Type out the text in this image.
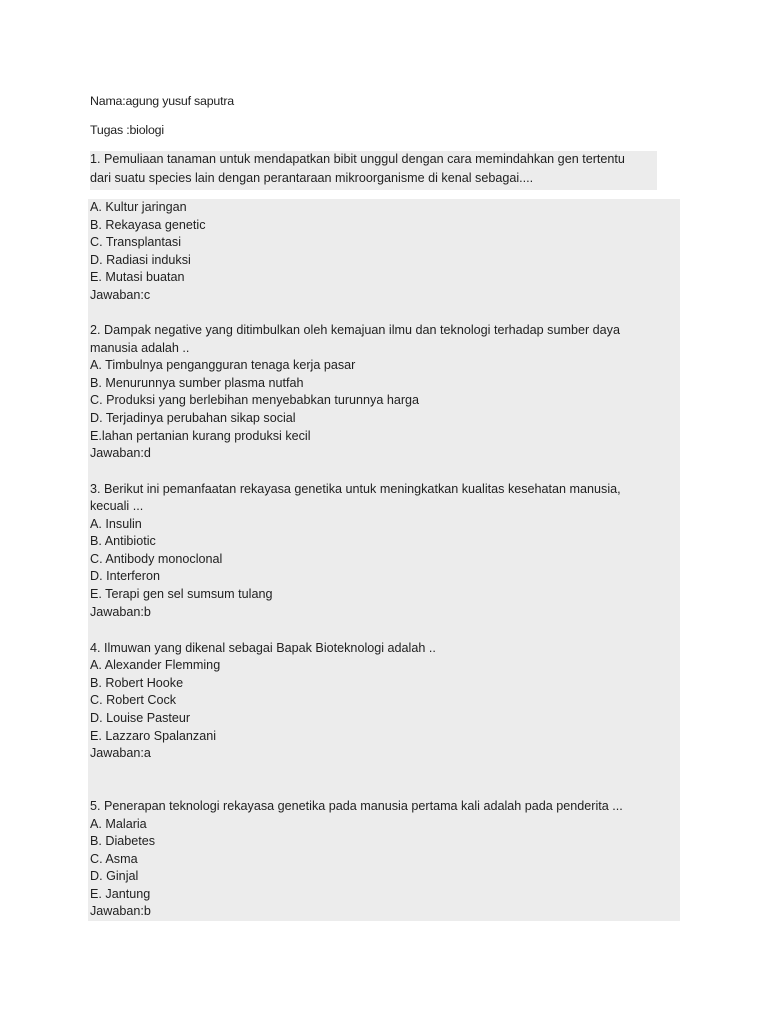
Nama:agung yusuf saputra
Tugas :biologi
1. Pemuliaan tanaman untuk mendapatkan bibit unggul dengan cara memindahkan gen tertentu
dari suatu species lain dengan perantaraan mikroorganisme di kenal sebagai....
A. Kultur jaringan
B. Rekayasa genetic
C. Transplantasi
D. Radiasi induksi
E. Mutasi buatan
Jawaban:c
2. Dampak negative yang ditimbulkan oleh kemajuan ilmu dan teknologi terhadap sumber daya
manusia adalah ..
A. Timbulnya pengangguran tenaga kerja pasar
B. Menurunnya sumber plasma nutfah
C. Produksi yang berlebihan menyebabkan turunnya harga
D. Terjadinya perubahan sikap social
E.lahan pertanian kurang produksi kecil
Jawaban:d
3. Berikut ini pemanfaatan rekayasa genetika untuk meningkatkan kualitas kesehatan manusia,
kecuali ...
A. Insulin
B. Antibiotic
C. Antibody monoclonal
D. Interferon
E. Terapi gen sel sumsum tulang
Jawaban:b
4. Ilmuwan yang dikenal sebagai Bapak Bioteknologi adalah ..
A. Alexander Flemming
B. Robert Hooke
C. Robert Cock
D. Louise Pasteur
E. Lazzaro Spalanzani
Jawaban:a
5. Penerapan teknologi rekayasa genetika pada manusia pertama kali adalah pada penderita ...
A. Malaria
B. Diabetes
C. Asma
D. Ginjal
E. Jantung
Jawaban:b
